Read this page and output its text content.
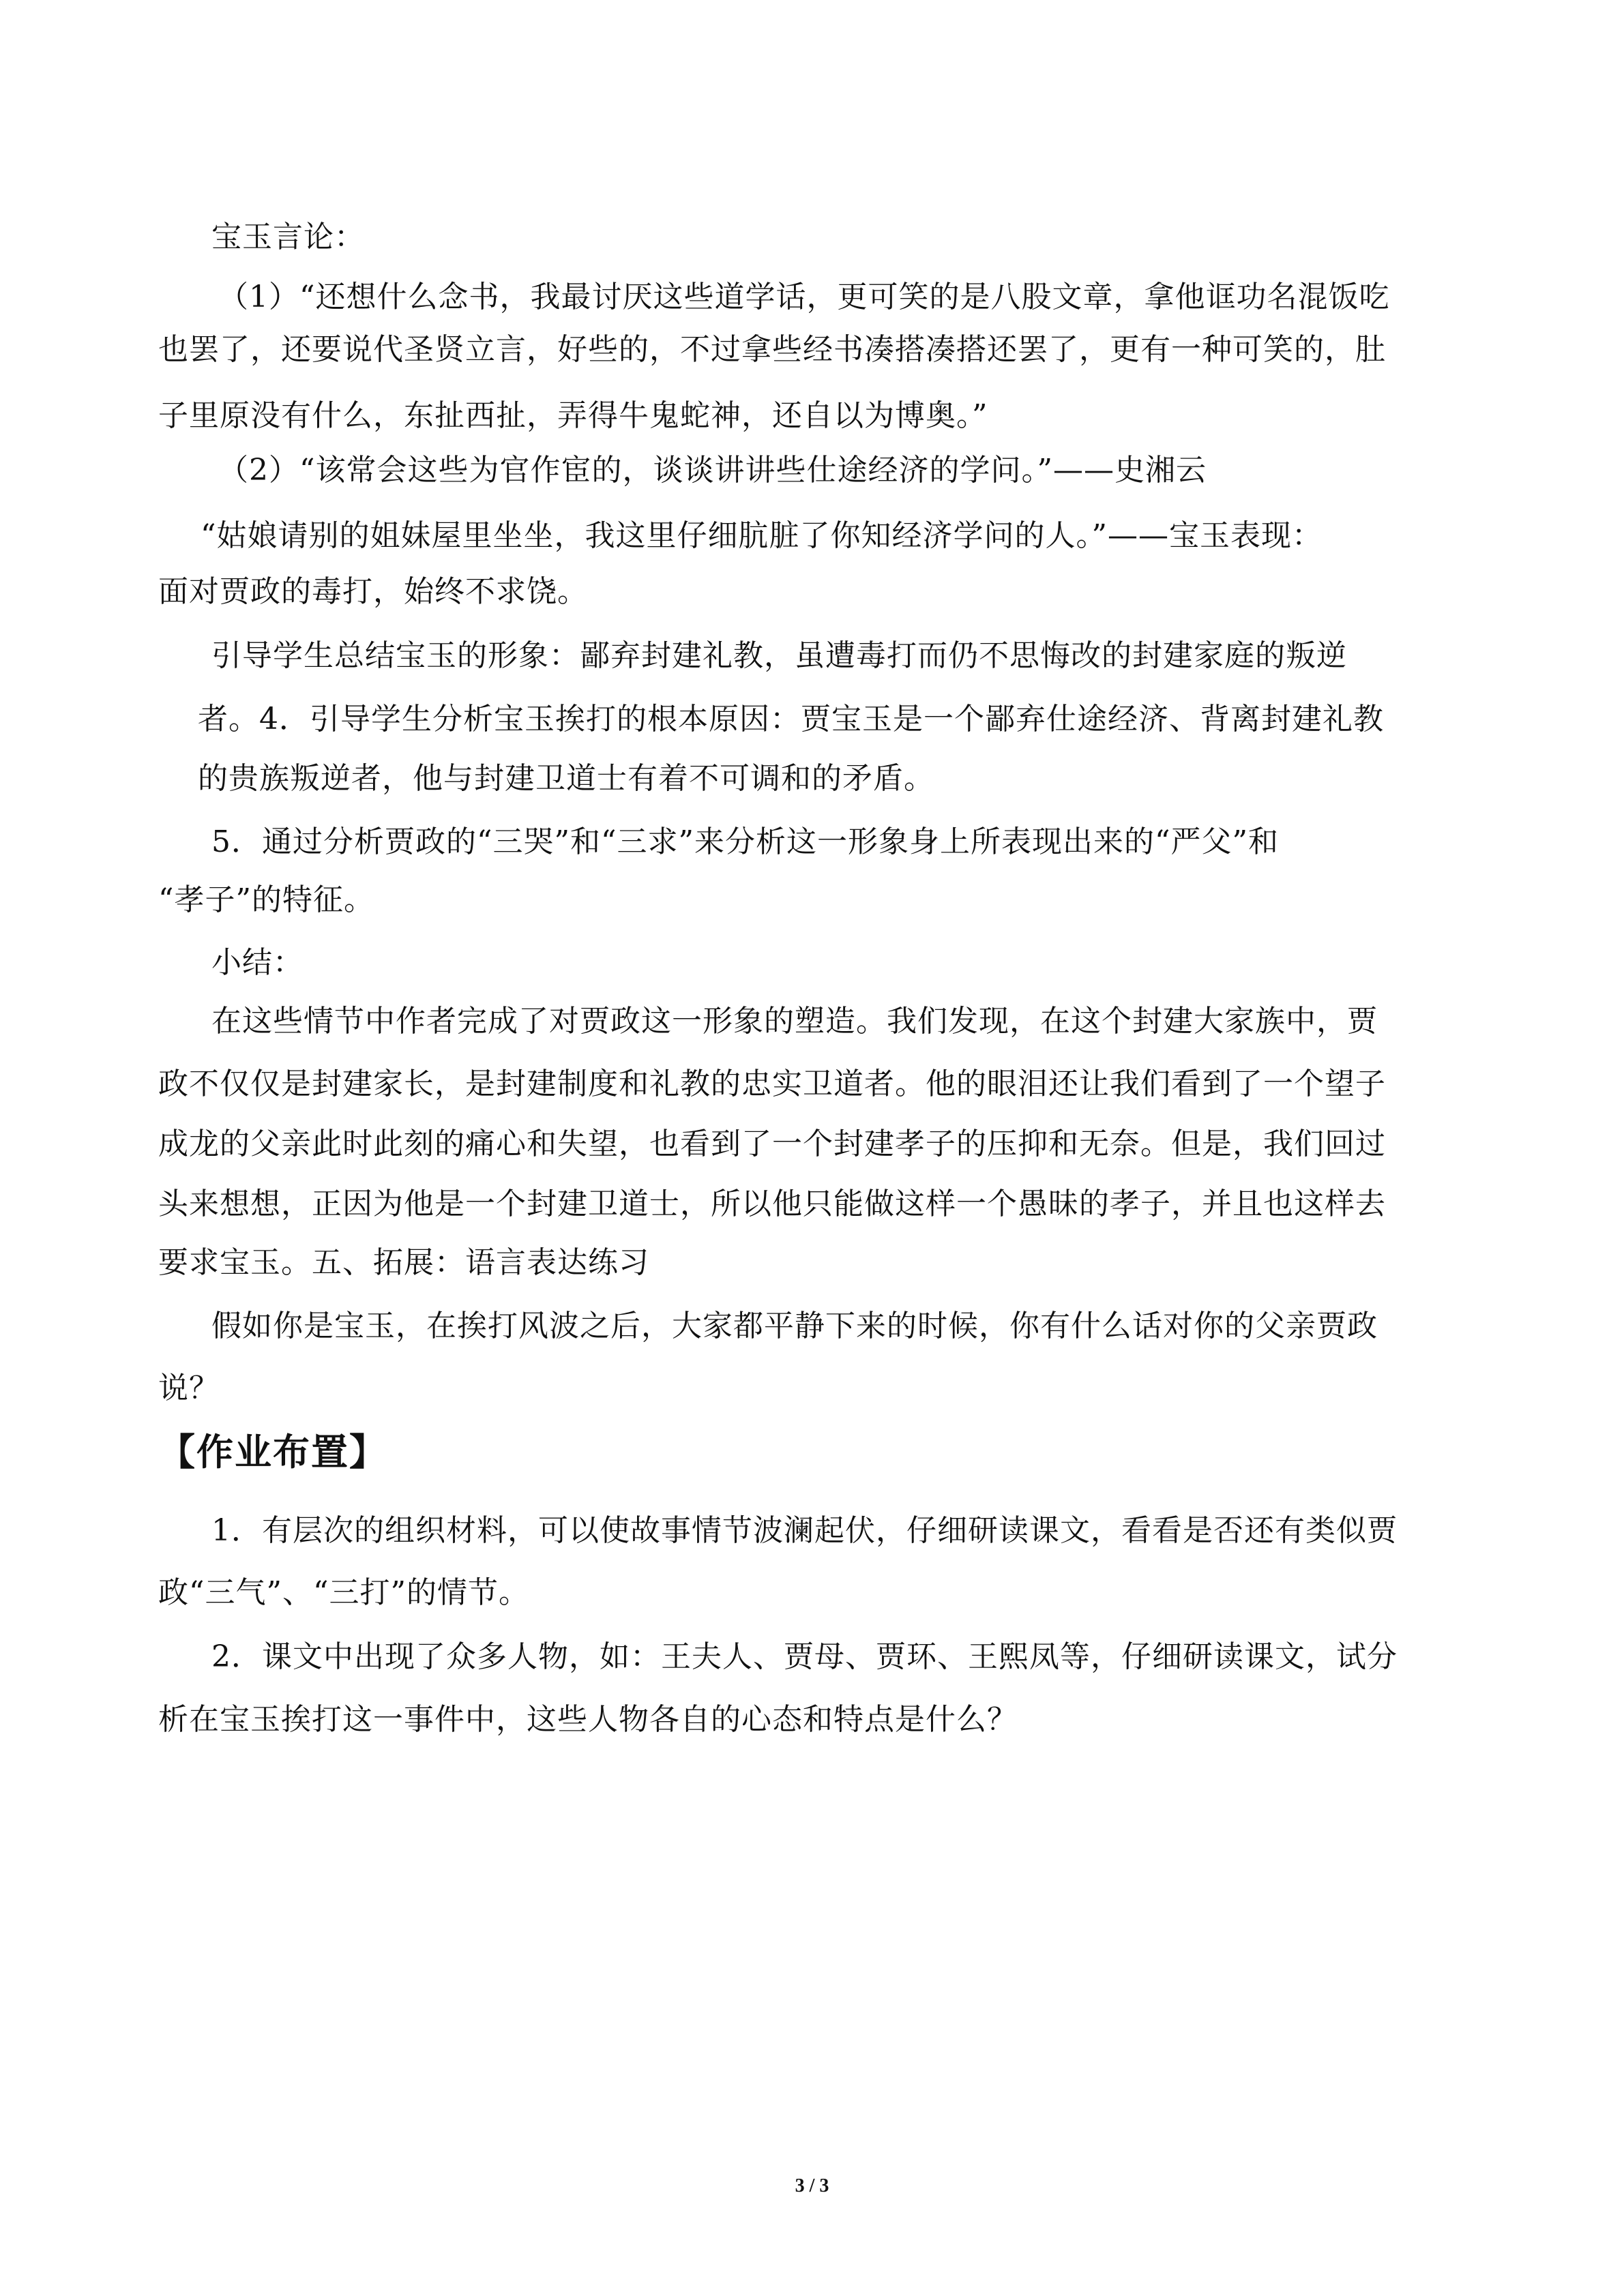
宝玉言论：
（1）“还想什么念书，我最讨厌这些道学话，更可笑的是八股文章，拿他诓功名混饭吃
也罢了，还要说代圣贤立言，好些的，不过拿些经书凑搭凑搭还罢了，更有一种可笑的，肚
子里原没有什么，东扯西扯，弄得牛鬼蛇神，还自以为博奥。”
（2）“该常会这些为官作宦的，谈谈讲讲些仕途经济的学问。”——史湘云
“姑娘请别的姐妹屋里坐坐，我这里仔细肮脏了你知经济学问的人。”——宝玉表现：
面对贾政的毒打，始终不求饶。
引导学生总结宝玉的形象：鄙弃封建礼教，虽遭毒打而仍不思悔改的封建家庭的叛逆
者。4．引导学生分析宝玉挨打的根本原因：贾宝玉是一个鄙弃仕途经济、背离封建礼教
的贵族叛逆者，他与封建卫道士有着不可调和的矛盾。
5．通过分析贾政的“三哭”和“三求”来分析这一形象身上所表现出来的“严父”和
“孝子”的特征。
小结：
在这些情节中作者完成了对贾政这一形象的塑造。我们发现，在这个封建大家族中，贾
政不仅仅是封建家长，是封建制度和礼教的忠实卫道者。他的眼泪还让我们看到了一个望子
成龙的父亲此时此刻的痛心和失望，也看到了一个封建孝子的压抑和无奈。但是，我们回过
头来想想，正因为他是一个封建卫道士，所以他只能做这样一个愚昧的孝子，并且也这样去
要求宝玉。五、拓展：语言表达练习
假如你是宝玉，在挨打风波之后，大家都平静下来的时候，你有什么话对你的父亲贾政
说？
【作业布置】
1．有层次的组织材料，可以使故事情节波澜起伏，仔细研读课文，看看是否还有类似贾
政“三气”、“三打”的情节。
2．课文中出现了众多人物，如：王夫人、贾母、贾环、王熙凤等，仔细研读课文，试分
析在宝玉挨打这一事件中，这些人物各自的心态和特点是什么？
3 / 3
